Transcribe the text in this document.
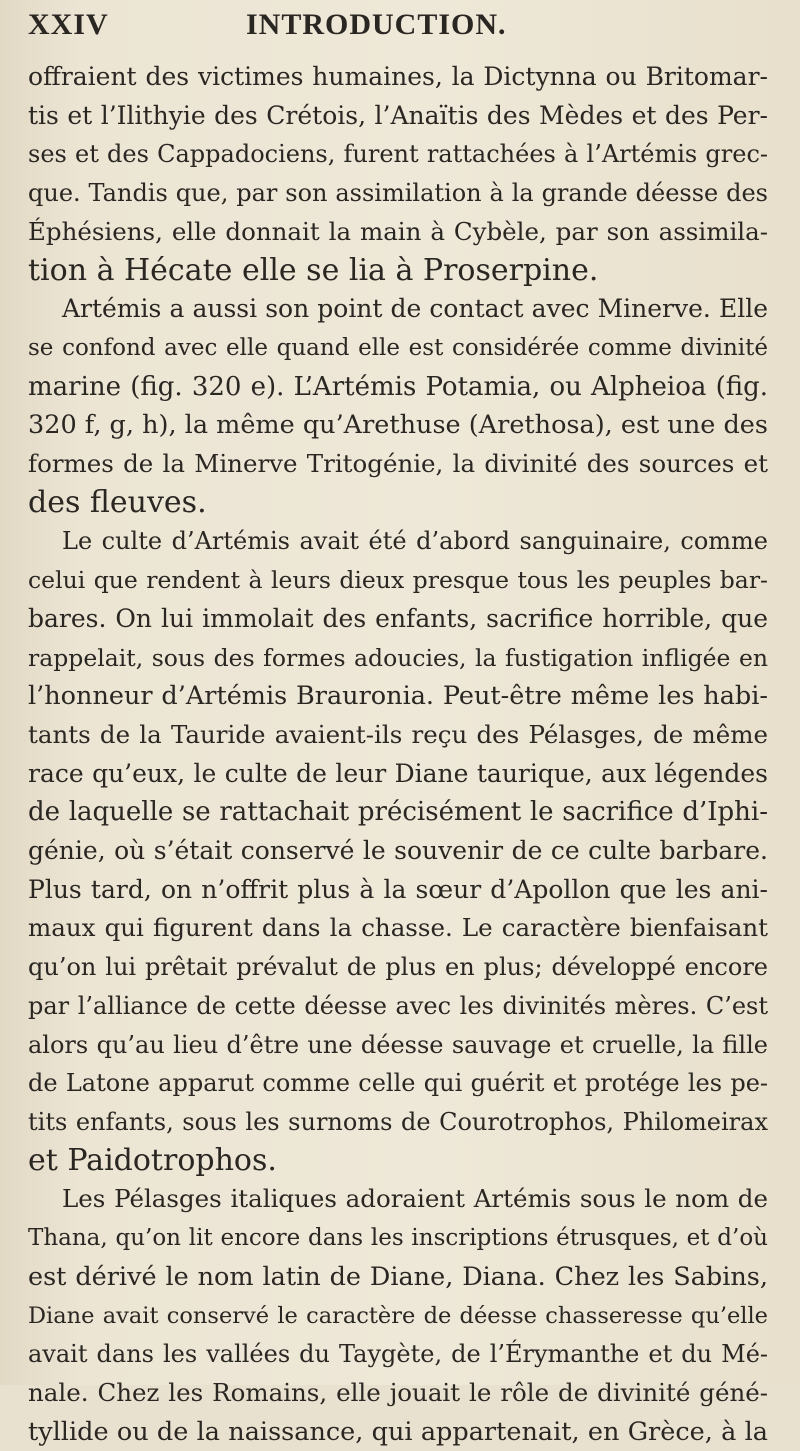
XXIV	INTRODUCTION.
offraient des victimes humaines, la Dictynna ou Britomar-
tis et l’Ilithyie des Crétois, l’Anaïtis des Mèdes et des Per-
ses et des Cappadociens, furent rattachées à l’Artémis grec-
que. Tandis que, par son assimilation à la grande déesse des
Éphésiens, elle donnait la main à Cybèle, par son assimila-
tion à Hécate elle se lia à Proserpine.
Artémis a aussi son point de contact avec Minerve. Elle
se confond avec elle quand elle est considérée comme divinité
marine (fig. 320 e). L’Artémis Potamia, ou Alpheioa (fig.
320 f, g, h), la même qu’Arethuse (Arethosa), est une des
formes de la Minerve Tritogénie, la divinité des sources et
des fleuves.
Le culte d’Artémis avait été d’abord sanguinaire, comme
celui que rendent à leurs dieux presque tous les peuples bar-
bares. On lui immolait des enfants, sacrifice horrible, que
rappelait, sous des formes adoucies, la fustigation infligée en
l’honneur d’Artémis Brauronia. Peut-être même les habi-
tants de la Tauride avaient-ils reçu des Pélasges, de même
race qu’eux, le culte de leur Diane taurique, aux légendes
de laquelle se rattachait précisément le sacrifice d’Iphi-
génie, où s’était conservé le souvenir de ce culte barbare.
Plus tard, on n’offrit plus à la sœur d’Apollon que les ani-
maux qui figurent dans la chasse. Le caractère bienfaisant
qu’on lui prêtait prévalut de plus en plus; développé encore
par l’alliance de cette déesse avec les divinités mères. C’est
alors qu’au lieu d’être une déesse sauvage et cruelle, la fille
de Latone apparut comme celle qui guérit et protége les pe-
tits enfants, sous les surnoms de Courotrophos, Philomeirax
et Paidotrophos.
Les Pélasges italiques adoraient Artémis sous le nom de
Thana, qu’on lit encore dans les inscriptions étrusques, et d’où
est dérivé le nom latin de Diane, Diana. Chez les Sabins,
Diane avait conservé le caractère de déesse chasseresse qu’elle
avait dans les vallées du Taygète, de l’Érymanthe et du Mé-
nale. Chez les Romains, elle jouait le rôle de divinité géné-
tyllide ou de la naissance, qui appartenait, en Grèce, à la
